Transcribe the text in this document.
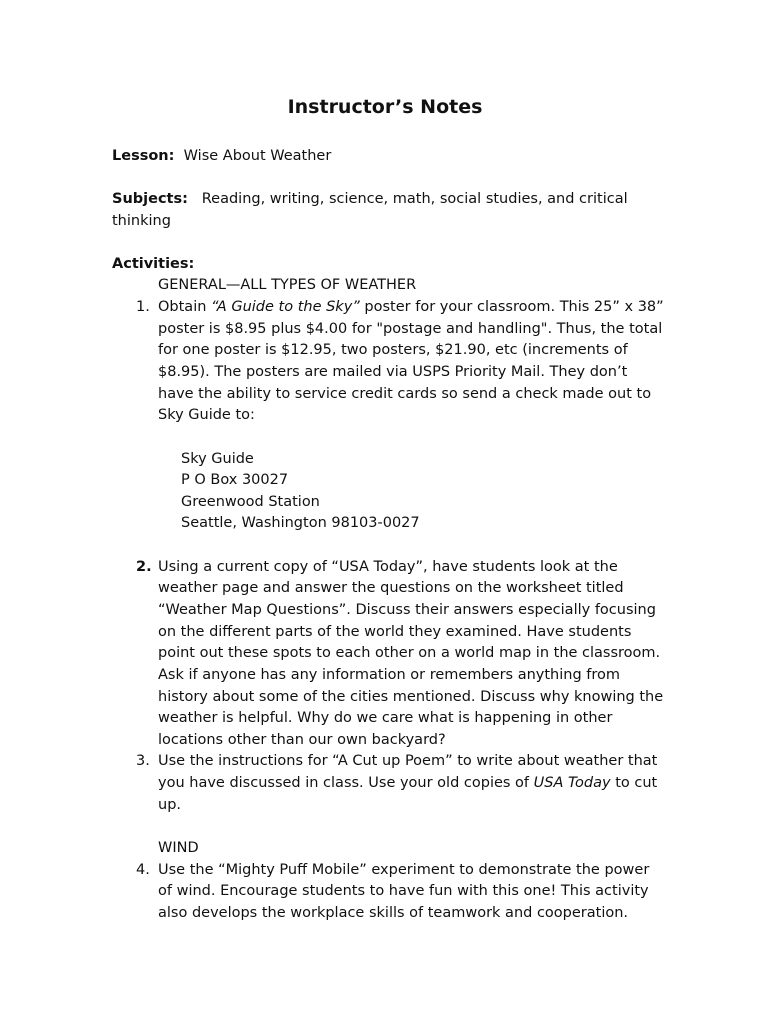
Instructor’s Notes
Lesson: Wise About Weather
Subjects: Reading, writing, science, math, social studies, and critical
thinking
Activities:
GENERAL—ALL TYPES OF WEATHER
1. Obtain “A Guide to the Sky” poster for your classroom. This 25” x 38”
poster is $8.95 plus $4.00 for "postage and handling". Thus, the total
for one poster is $12.95, two posters, $21.90, etc (increments of
$8.95). The posters are mailed via USPS Priority Mail. They don’t
have the ability to service credit cards so send a check made out to
Sky Guide to:
Sky Guide
P O Box 30027
Greenwood Station
Seattle, Washington 98103-0027
2. Using a current copy of “USA Today”, have students look at the
weather page and answer the questions on the worksheet titled
“Weather Map Questions”. Discuss their answers especially focusing
on the different parts of the world they examined. Have students
point out these spots to each other on a world map in the classroom.
Ask if anyone has any information or remembers anything from
history about some of the cities mentioned. Discuss why knowing the
weather is helpful. Why do we care what is happening in other
locations other than our own backyard?
3. Use the instructions for “A Cut up Poem” to write about weather that
you have discussed in class. Use your old copies of USA Today to cut
up.
WIND
4. Use the “Mighty Puff Mobile” experiment to demonstrate the power
of wind. Encourage students to have fun with this one! This activity
also develops the workplace skills of teamwork and cooperation.
